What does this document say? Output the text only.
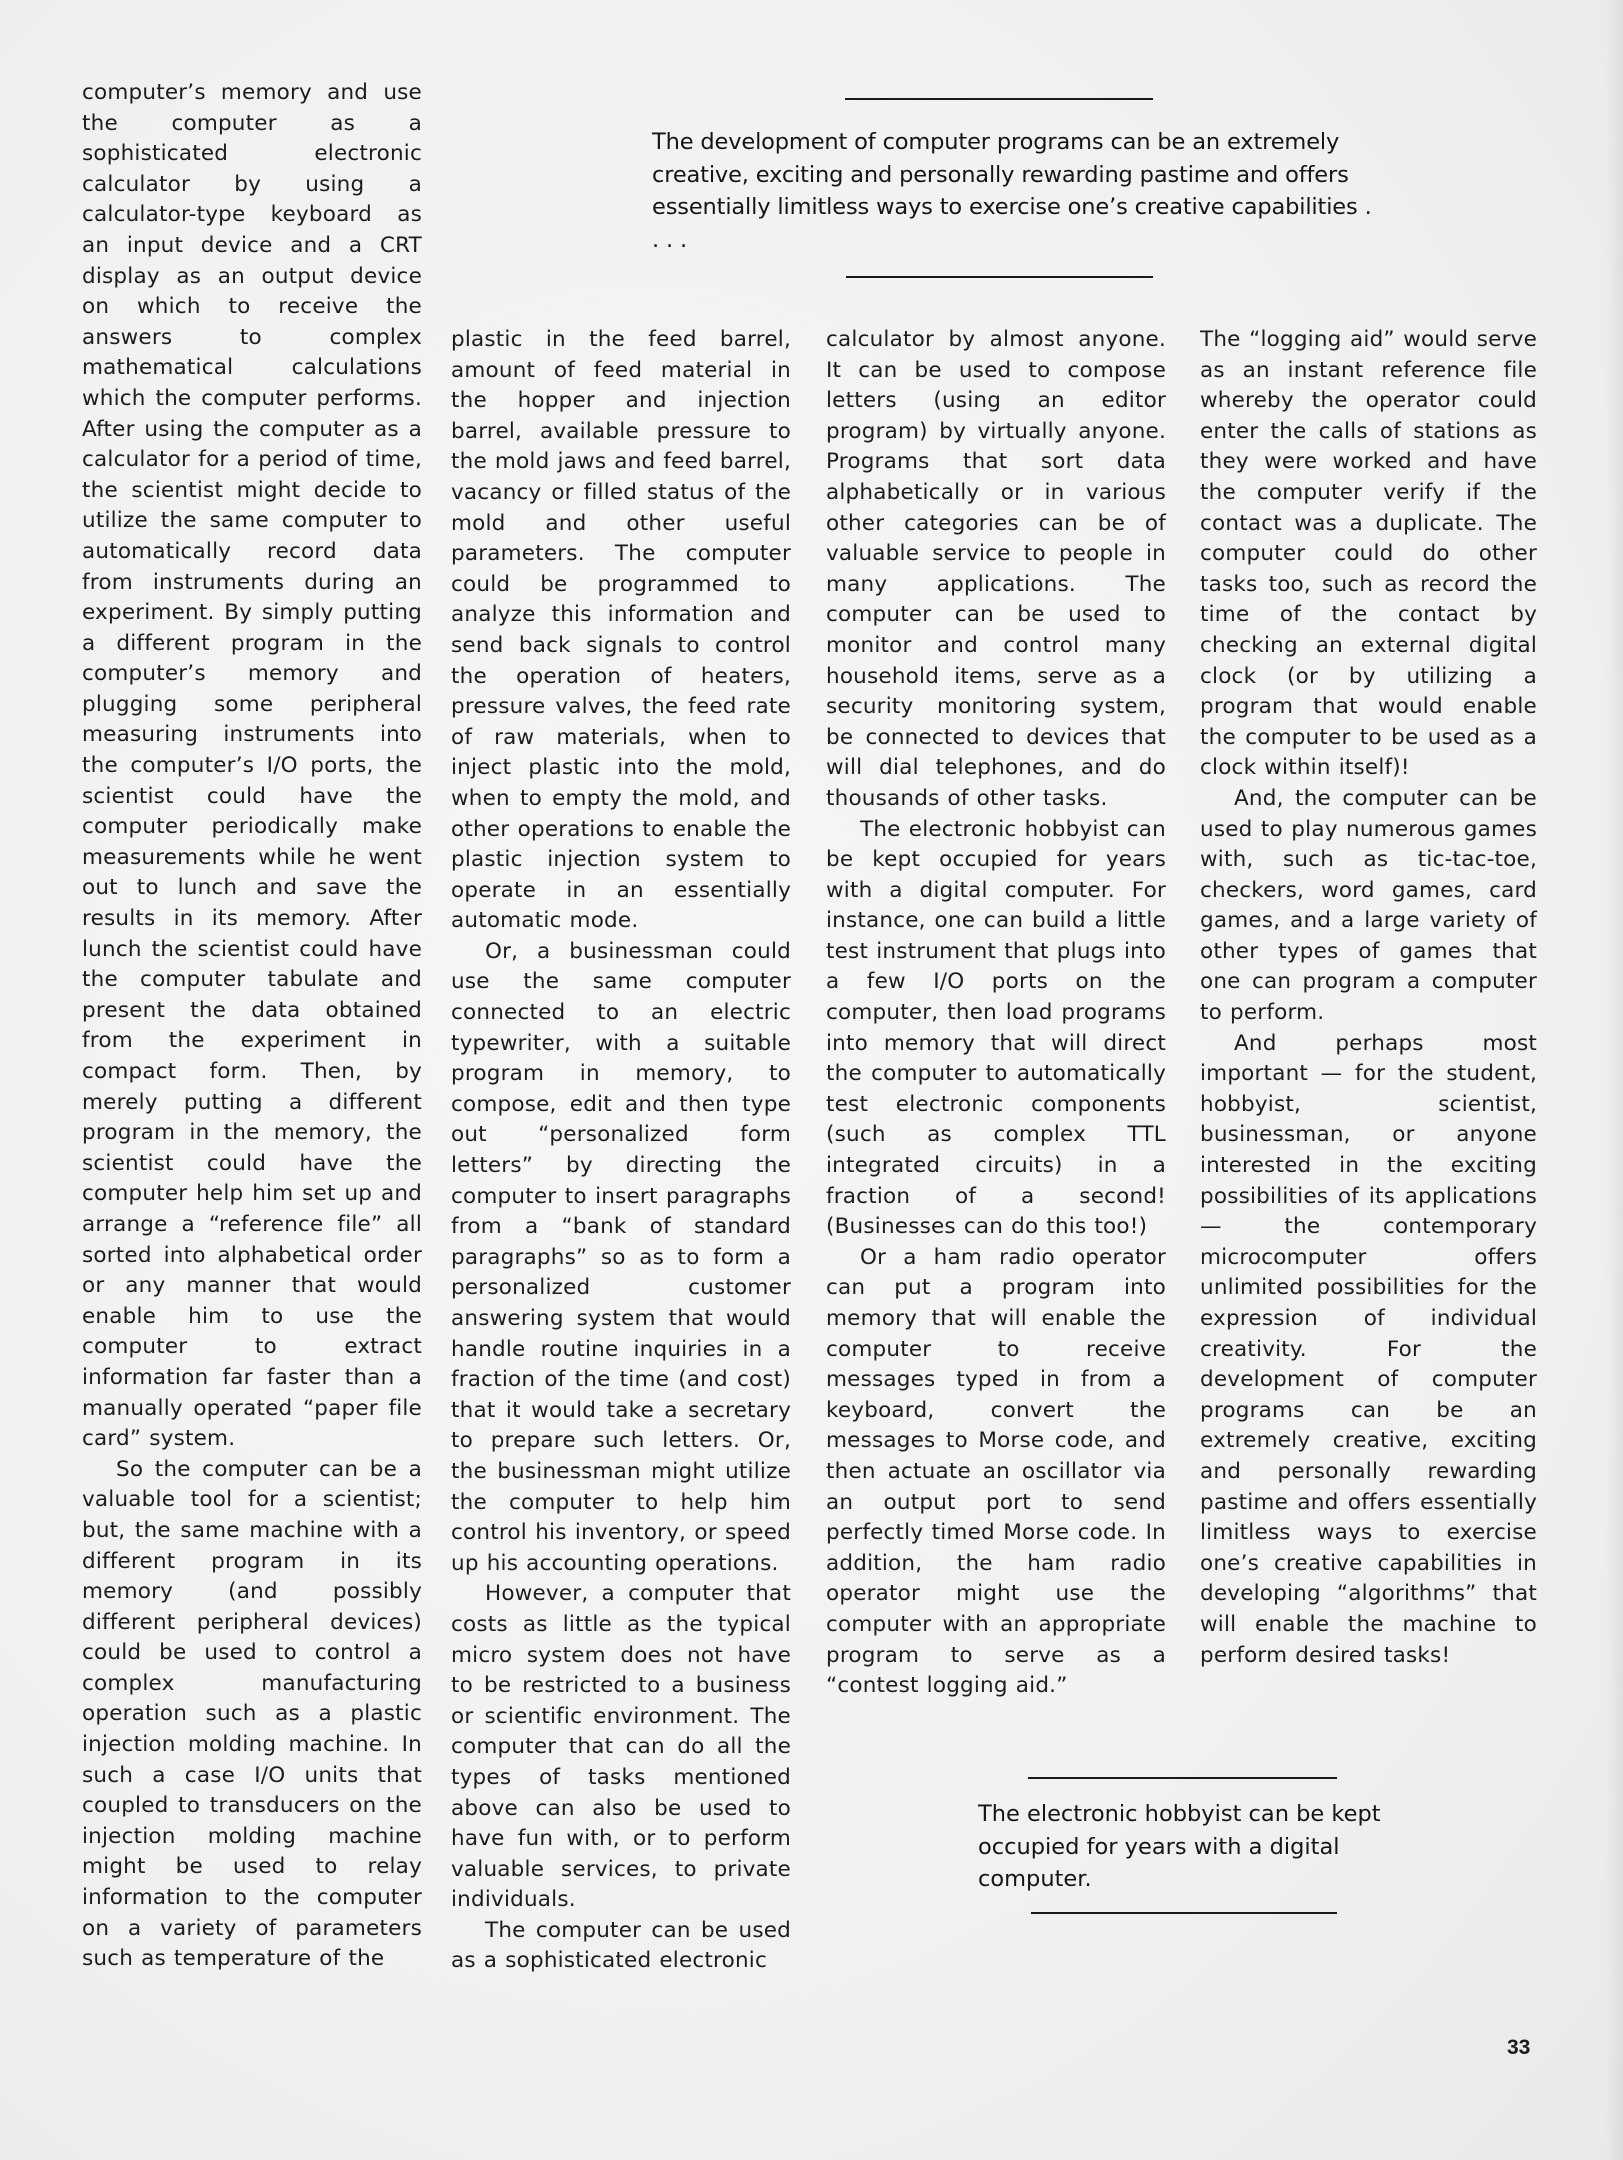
The development of computer programs can be an extremely creative, exciting and personally rewarding pastime and offers essentially limitless ways to exercise one’s creative capabilities . . . .

computer’s memory and use the computer as a sophisticated electronic calculator by using a calculator-type keyboard as an input device and a CRT display as an output device on which to receive the answers to complex mathematical calculations which the computer performs. After using the computer as a calculator for a period of time, the scientist might decide to utilize the same computer to automatically record data from instruments during an experiment. By simply putting a different program in the computer’s memory and plugging some peripheral measuring instruments into the computer’s I/O ports, the scientist could have the computer periodically make measurements while he went out to lunch and save the results in its memory. After lunch the scientist could have the computer tabulate and present the data obtained from the experiment in compact form. Then, by merely putting a different program in the memory, the scientist could have the computer help him set up and arrange a “reference file” all sorted into alphabetical order or any manner that would enable him to use the computer to extract information far faster than a manually operated “paper file card” system.

So the computer can be a valuable tool for a scientist; but, the same machine with a different program in its memory (and possibly different peripheral devices) could be used to control a complex manufacturing operation such as a plastic injection molding machine. In such a case I/O units that coupled to transducers on the injection molding machine might be used to relay information to the computer on a variety of parameters such as temperature of the

plastic in the feed barrel, amount of feed material in the hopper and injection barrel, available pressure to the mold jaws and feed barrel, vacancy or filled status of the mold and other useful parameters. The computer could be programmed to analyze this information and send back signals to control the operation of heaters, pressure valves, the feed rate of raw materials, when to inject plastic into the mold, when to empty the mold, and other operations to enable the plastic injection system to operate in an essentially automatic mode.

Or, a businessman could use the same computer connected to an electric typewriter, with a suitable program in memory, to compose, edit and then type out “personalized form letters” by directing the computer to insert paragraphs from a “bank of standard paragraphs” so as to form a personalized customer answering system that would handle routine inquiries in a fraction of the time (and cost) that it would take a secretary to prepare such letters. Or, the businessman might utilize the computer to help him control his inventory, or speed up his accounting operations.

However, a computer that costs as little as the typical micro system does not have to be restricted to a business or scientific environment. The computer that can do all the types of tasks mentioned above can also be used to have fun with, or to perform valuable services, to private individuals.

The computer can be used as a sophisticated electronic

calculator by almost anyone. It can be used to compose letters (using an editor program) by virtually anyone. Programs that sort data alphabetically or in various other categories can be of valuable service to people in many applications. The computer can be used to monitor and control many household items, serve as a security monitoring system, be connected to devices that will dial telephones, and do thousands of other tasks.

The electronic hobbyist can be kept occupied for years with a digital computer. For instance, one can build a little test instrument that plugs into a few I/O ports on the computer, then load programs into memory that will direct the computer to automatically test electronic components (such as complex TTL integrated circuits) in a fraction of a second! (Businesses can do this too!)

Or a ham radio operator can put a program into memory that will enable the computer to receive messages typed in from a keyboard, convert the messages to Morse code, and then actuate an oscillator via an output port to send perfectly timed Morse code. In addition, the ham radio operator might use the computer with an appropriate program to serve as a “contest logging aid.”

The “logging aid” would serve as an instant reference file whereby the operator could enter the calls of stations as they were worked and have the computer verify if the contact was a duplicate. The computer could do other tasks too, such as record the time of the contact by checking an external digital clock (or by utilizing a program that would enable the computer to be used as a clock within itself)!

And, the computer can be used to play numerous games with, such as tic-tac-toe, checkers, word games, card games, and a large variety of other types of games that one can program a computer to perform.

And perhaps most important — for the student, hobbyist, scientist, businessman, or anyone interested in the exciting possibilities of its applications — the contemporary microcomputer offers unlimited possibilities for the expression of individual creativity. For the development of computer programs can be an extremely creative, exciting and personally rewarding pastime and offers essentially limitless ways to exercise one’s creative capabilities in developing “algorithms” that will enable the machine to perform desired tasks!

The electronic hobbyist can be kept occupied for years with a digital computer.
33
